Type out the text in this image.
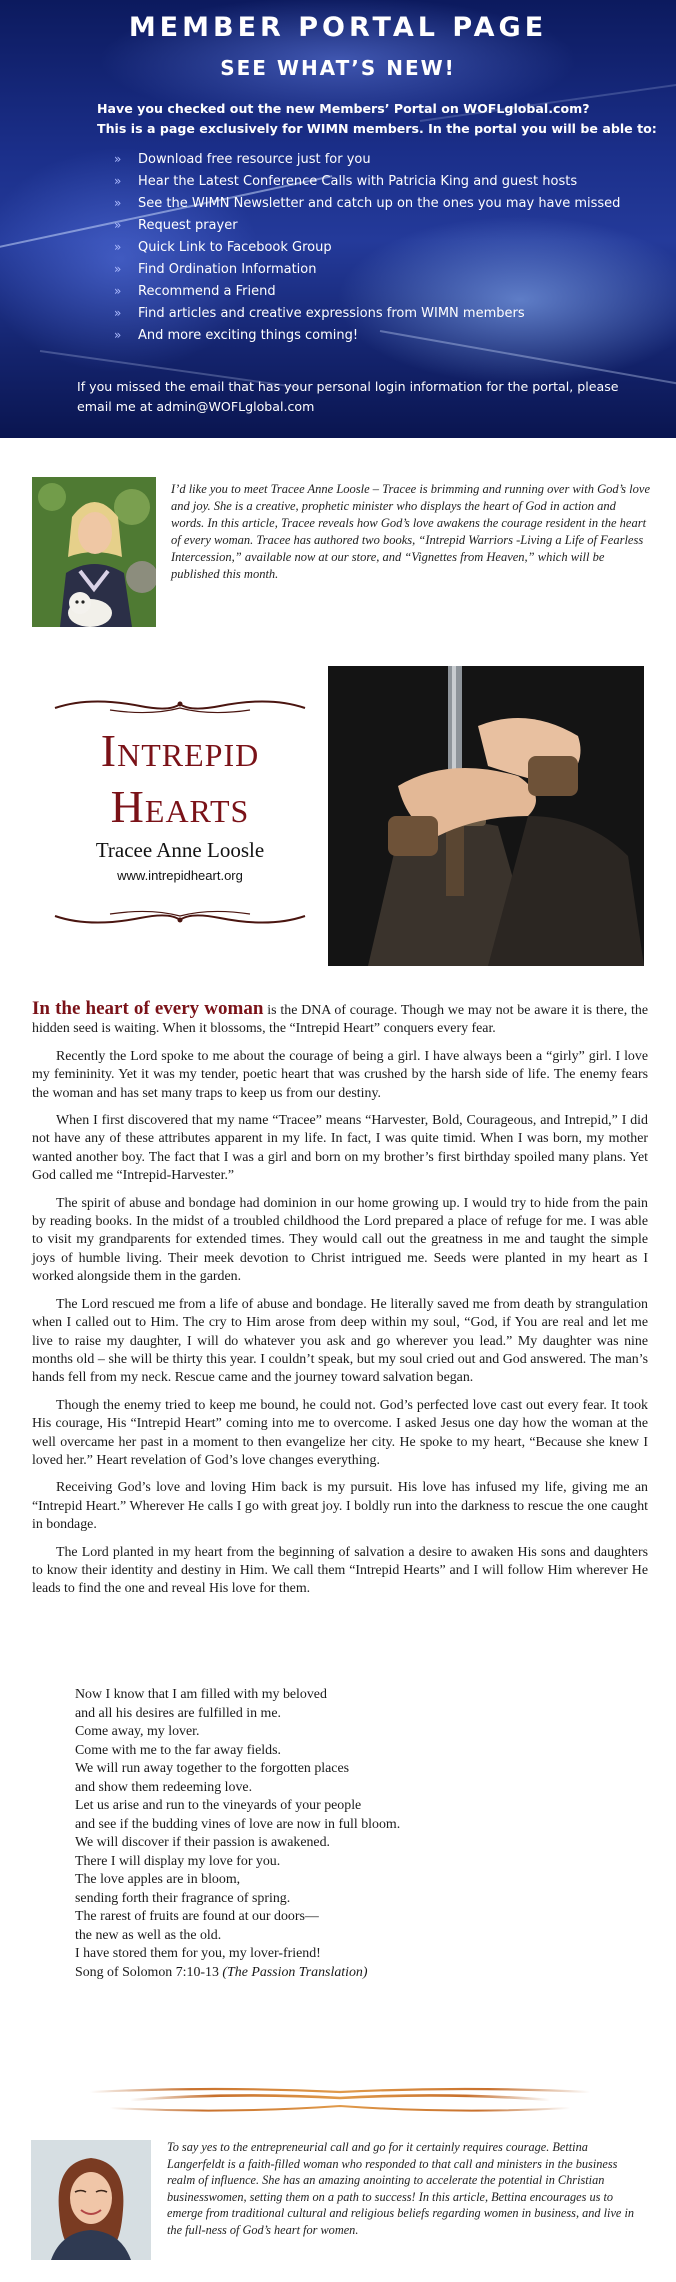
MEMBER PORTAL PAGE
SEE WHAT’S NEW!
Have you checked out the new Members’ Portal on WOFLglobal.com?
This is a page exclusively for WIMN members. In the portal you will be able to:
» Download free resource just for you
» Hear the Latest Conference Calls with Patricia King and guest hosts
» See the WIMN Newsletter and catch up on the ones you may have missed
» Request prayer
» Quick Link to Facebook Group
» Find Ordination Information
» Recommend a Friend
» Find articles and creative expressions from WIMN members
» And more exciting things coming!
If you missed the email that has your personal login information for the portal, please
email me at admin@WOFLglobal.com
I’d like you to meet Tracee Anne Loosle – Tracee is brimming and running over with God’s love and joy. She is a creative, prophetic minister who displays the heart of God in action and words. In this article, Tracee reveals how God’s love awakens the courage resident in the heart of every woman. Tracee has authored two books, “Intrepid Warriors -Living a Life of Fearless Intercession,” available now at our store, and “Vignettes from Heaven,” which will be published this month.
Intrepid
Hearts
Tracee Anne Loosle
www.intrepidheart.org

In the heart of every woman is the DNA of courage. Though we may not be aware it is there, the hidden seed is waiting. When it blossoms, the “Intrepid Heart” conquers every fear.

Recently the Lord spoke to me about the courage of being a girl. I have always been a “girly” girl. I love my femininity. Yet it was my tender, poetic heart that was crushed by the harsh side of life. The enemy fears the woman and has set many traps to keep us from our destiny.

When I first discovered that my name “Tracee” means “Harvester, Bold, Courageous, and Intrepid,” I did not have any of these attributes apparent in my life. In fact, I was quite timid. When I was born, my mother wanted another boy. The fact that I was a girl and born on my brother’s first birthday spoiled many plans. Yet God called me “Intrepid-Harvester.”

The spirit of abuse and bondage had dominion in our home growing up. I would try to hide from the pain by reading books. In the midst of a troubled childhood the Lord prepared a place of refuge for me. I was able to visit my grandparents for extended times. They would call out the greatness in me and taught the simple joys of humble living. Their meek devotion to Christ intrigued me. Seeds were planted in my heart as I worked alongside them in the garden.

The Lord rescued me from a life of abuse and bondage. He literally saved me from death by strangulation when I called out to Him. The cry to Him arose from deep within my soul, “God, if You are real and let me live to raise my daughter, I will do whatever you ask and go wherever you lead.” My daughter was nine months old – she will be thirty this year. I couldn’t speak, but my soul cried out and God answered. The man’s hands fell from my neck. Rescue came and the journey toward salvation began.

Though the enemy tried to keep me bound, he could not. God’s perfected love cast out every fear. It took His courage, His “Intrepid Heart” coming into me to overcome. I asked Jesus one day how the woman at the well overcame her past in a moment to then evangelize her city. He spoke to my heart, “Because she knew I loved her.” Heart revelation of God’s love changes everything.

Receiving God’s love and loving Him back is my pursuit. His love has infused my life, giving me an “Intrepid Heart.” Wherever He calls I go with great joy. I boldly run into the darkness to rescue the one caught in bondage.

The Lord planted in my heart from the beginning of salvation a desire to awaken His sons and daughters to know their identity and destiny in Him. We call them “Intrepid Hearts” and I will follow Him wherever He leads to find the one and reveal His love for them.

Now I know that I am filled with my beloved
and all his desires are fulfilled in me.
Come away, my lover.
Come with me to the far away fields.
We will run away together to the forgotten places
and show them redeeming love.
Let us arise and run to the vineyards of your people
and see if the budding vines of love are now in full bloom.
We will discover if their passion is awakened.
There I will display my love for you.
The love apples are in bloom,
sending forth their fragrance of spring.
The rarest of fruits are found at our doors—
the new as well as the old.
I have stored them for you, my lover-friend!
Song of Solomon 7:10-13 (The Passion Translation)
To say yes to the entrepreneurial call and go for it certainly requires courage. Bettina Langerfeldt is a faith-filled woman who responded to that call and ministers in the business realm of influence. She has an amazing anointing to accelerate the potential in Christian businesswomen, setting them on a path to success! In this article, Bettina encourages us to emerge from traditional cultural and religious beliefs regarding women in business, and live in the full-ness of God’s heart for women.
